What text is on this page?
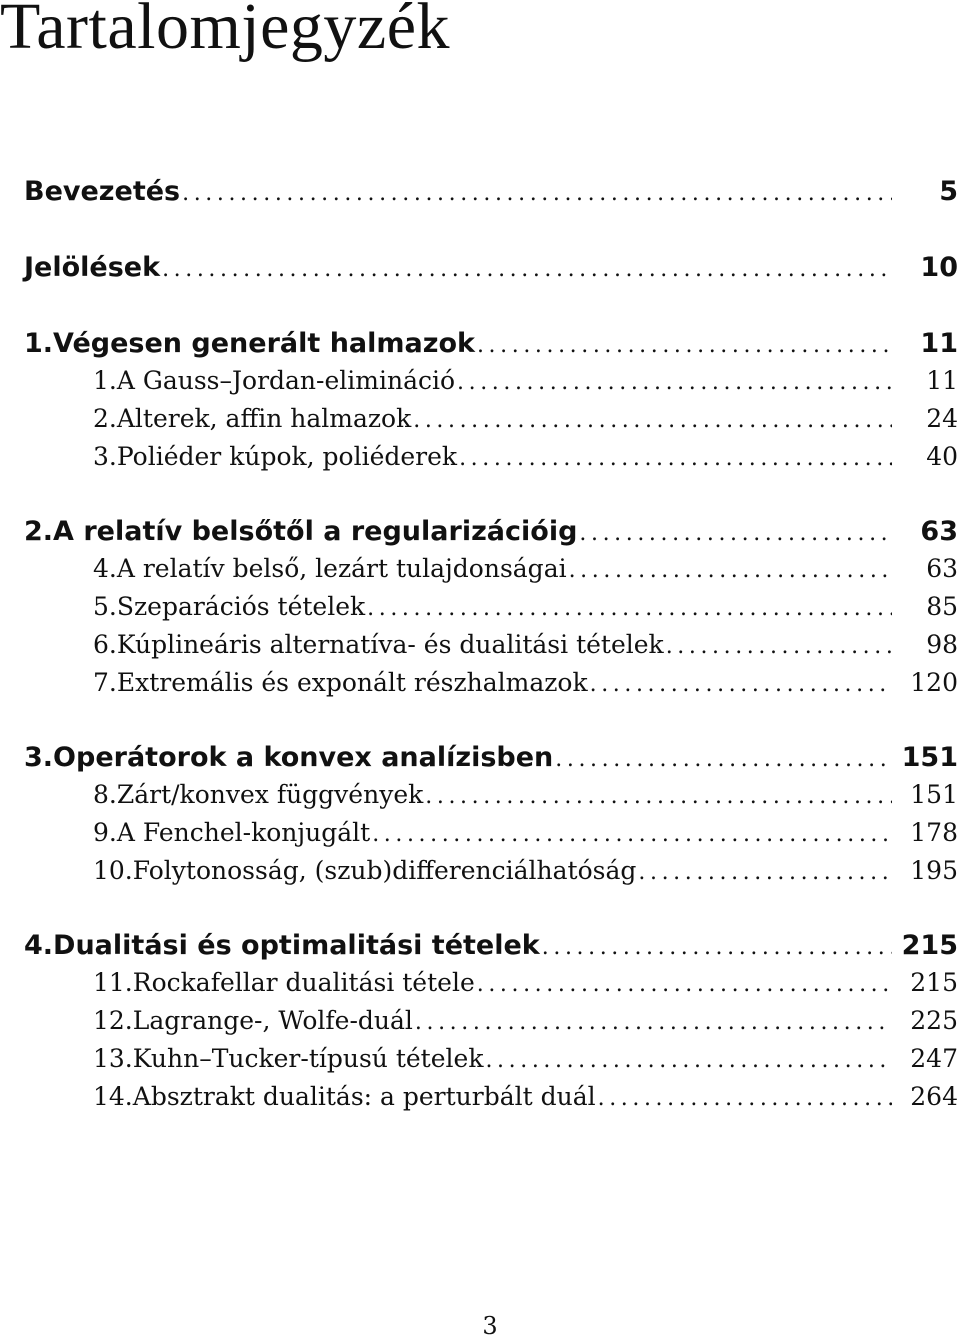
Tartalomjegyzék
Bevezetés . . .	5
Jelölések . . .	10
1. Végesen generált halmazok . . .	11
1. A Gauss–Jordan-elimináció . . .	11
2. Alterek, affin halmazok . . .	24
3. Poliéder kúpok, poliéderek . . .	40
2. A relatív belsőtől a regularizációig . . .	63
4. A relatív belső, lezárt tulajdonságai . . .	63
5. Szeparációs tételek . . .	85
6. Kúplineáris alternatíva- és dualitási tételek . . .	98
7. Extremális és exponált részhalmazok . . .	120
3. Operátorok a konvex analízisben . . .	151
8. Zárt/konvex függvények . . .	151
9. A Fenchel-konjugált . . .	178
10. Folytonosság, (szub)differenciálhatóság . . .	195
4. Dualitási és optimalitási tételek . . .	215
11. Rockafellar dualitási tétele . . .	215
12. Lagrange-, Wolfe-duál . . .	225
13. Kuhn–Tucker-típusú tételek . . .	247
14. Absztrakt dualitás: a perturbált duál . . .	264
3
